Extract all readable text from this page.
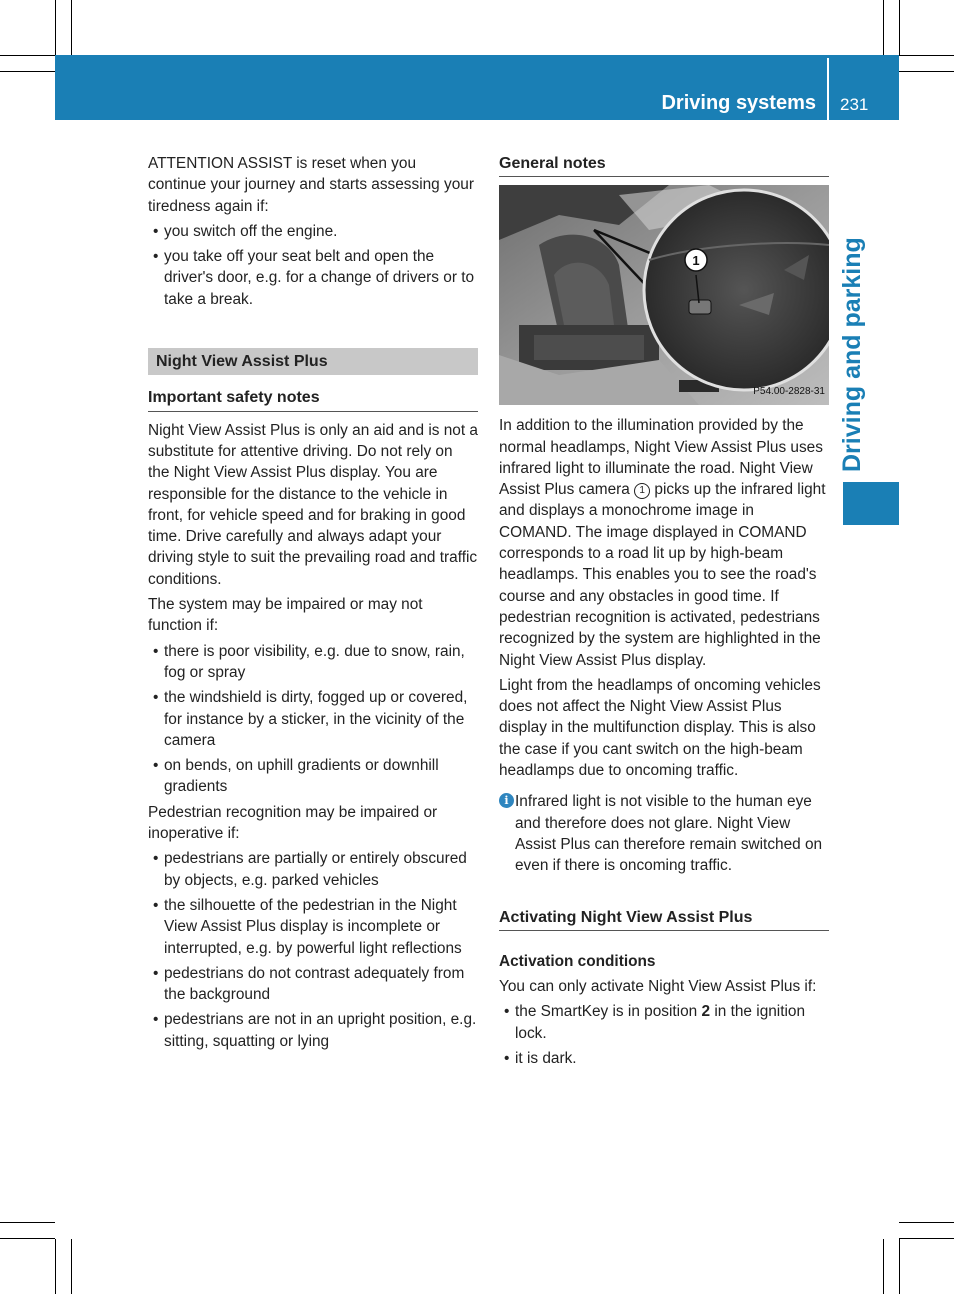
Driving systems 231
Driving and parking

ATTENTION ASSIST is reset when you continue your journey and starts assessing your tiredness again if:

• you switch off the engine.
• you take off your seat belt and open the driver's door, e.g. for a change of drivers or to take a break.
Night View Assist Plus
Important safety notes

Night View Assist Plus is only an aid and is not a substitute for attentive driving. Do not rely on the Night View Assist Plus display. You are responsible for the distance to the vehicle in front, for vehicle speed and for braking in good time. Drive carefully and always adapt your driving style to suit the prevailing road and traffic conditions.

The system may be impaired or may not function if:

• there is poor visibility, e.g. due to snow, rain, fog or spray
• the windshield is dirty, fogged up or covered, for instance by a sticker, in the vicinity of the camera
• on bends, on uphill gradients or downhill gradients

Pedestrian recognition may be impaired or inoperative if:

• pedestrians are partially or entirely obscured by objects, e.g. parked vehicles
• the silhouette of the pedestrian in the Night View Assist Plus display is incomplete or interrupted, e.g. by powerful light reflections
• pedestrians do not contrast adequately from the background
• pedestrians are not in an upright position, e.g. sitting, squatting or lying
General notes
1
P54.00-2828-31

In addition to the illumination provided by the normal headlamps, Night View Assist Plus uses infrared light to illuminate the road. Night View Assist Plus camera 1 picks up the infrared light and displays a monochrome image in COMAND. The image displayed in COMAND corresponds to a road lit up by high-beam headlamps. This enables you to see the road's course and any obstacles in good time. If pedestrian recognition is activated, pedestrians recognized by the system are highlighted in the Night View Assist Plus display.

Light from the headlamps of oncoming vehicles does not affect the Night View Assist Plus display in the multifunction display. This is also the case if you cant switch on the high-beam headlamps due to oncoming traffic.

i Infrared light is not visible to the human eye and therefore does not glare. Night View Assist Plus can therefore remain switched on even if there is oncoming traffic.
Activating Night View Assist Plus
Activation conditions

You can only activate Night View Assist Plus if:

• the SmartKey is in position 2 in the ignition lock.
• it is dark.
